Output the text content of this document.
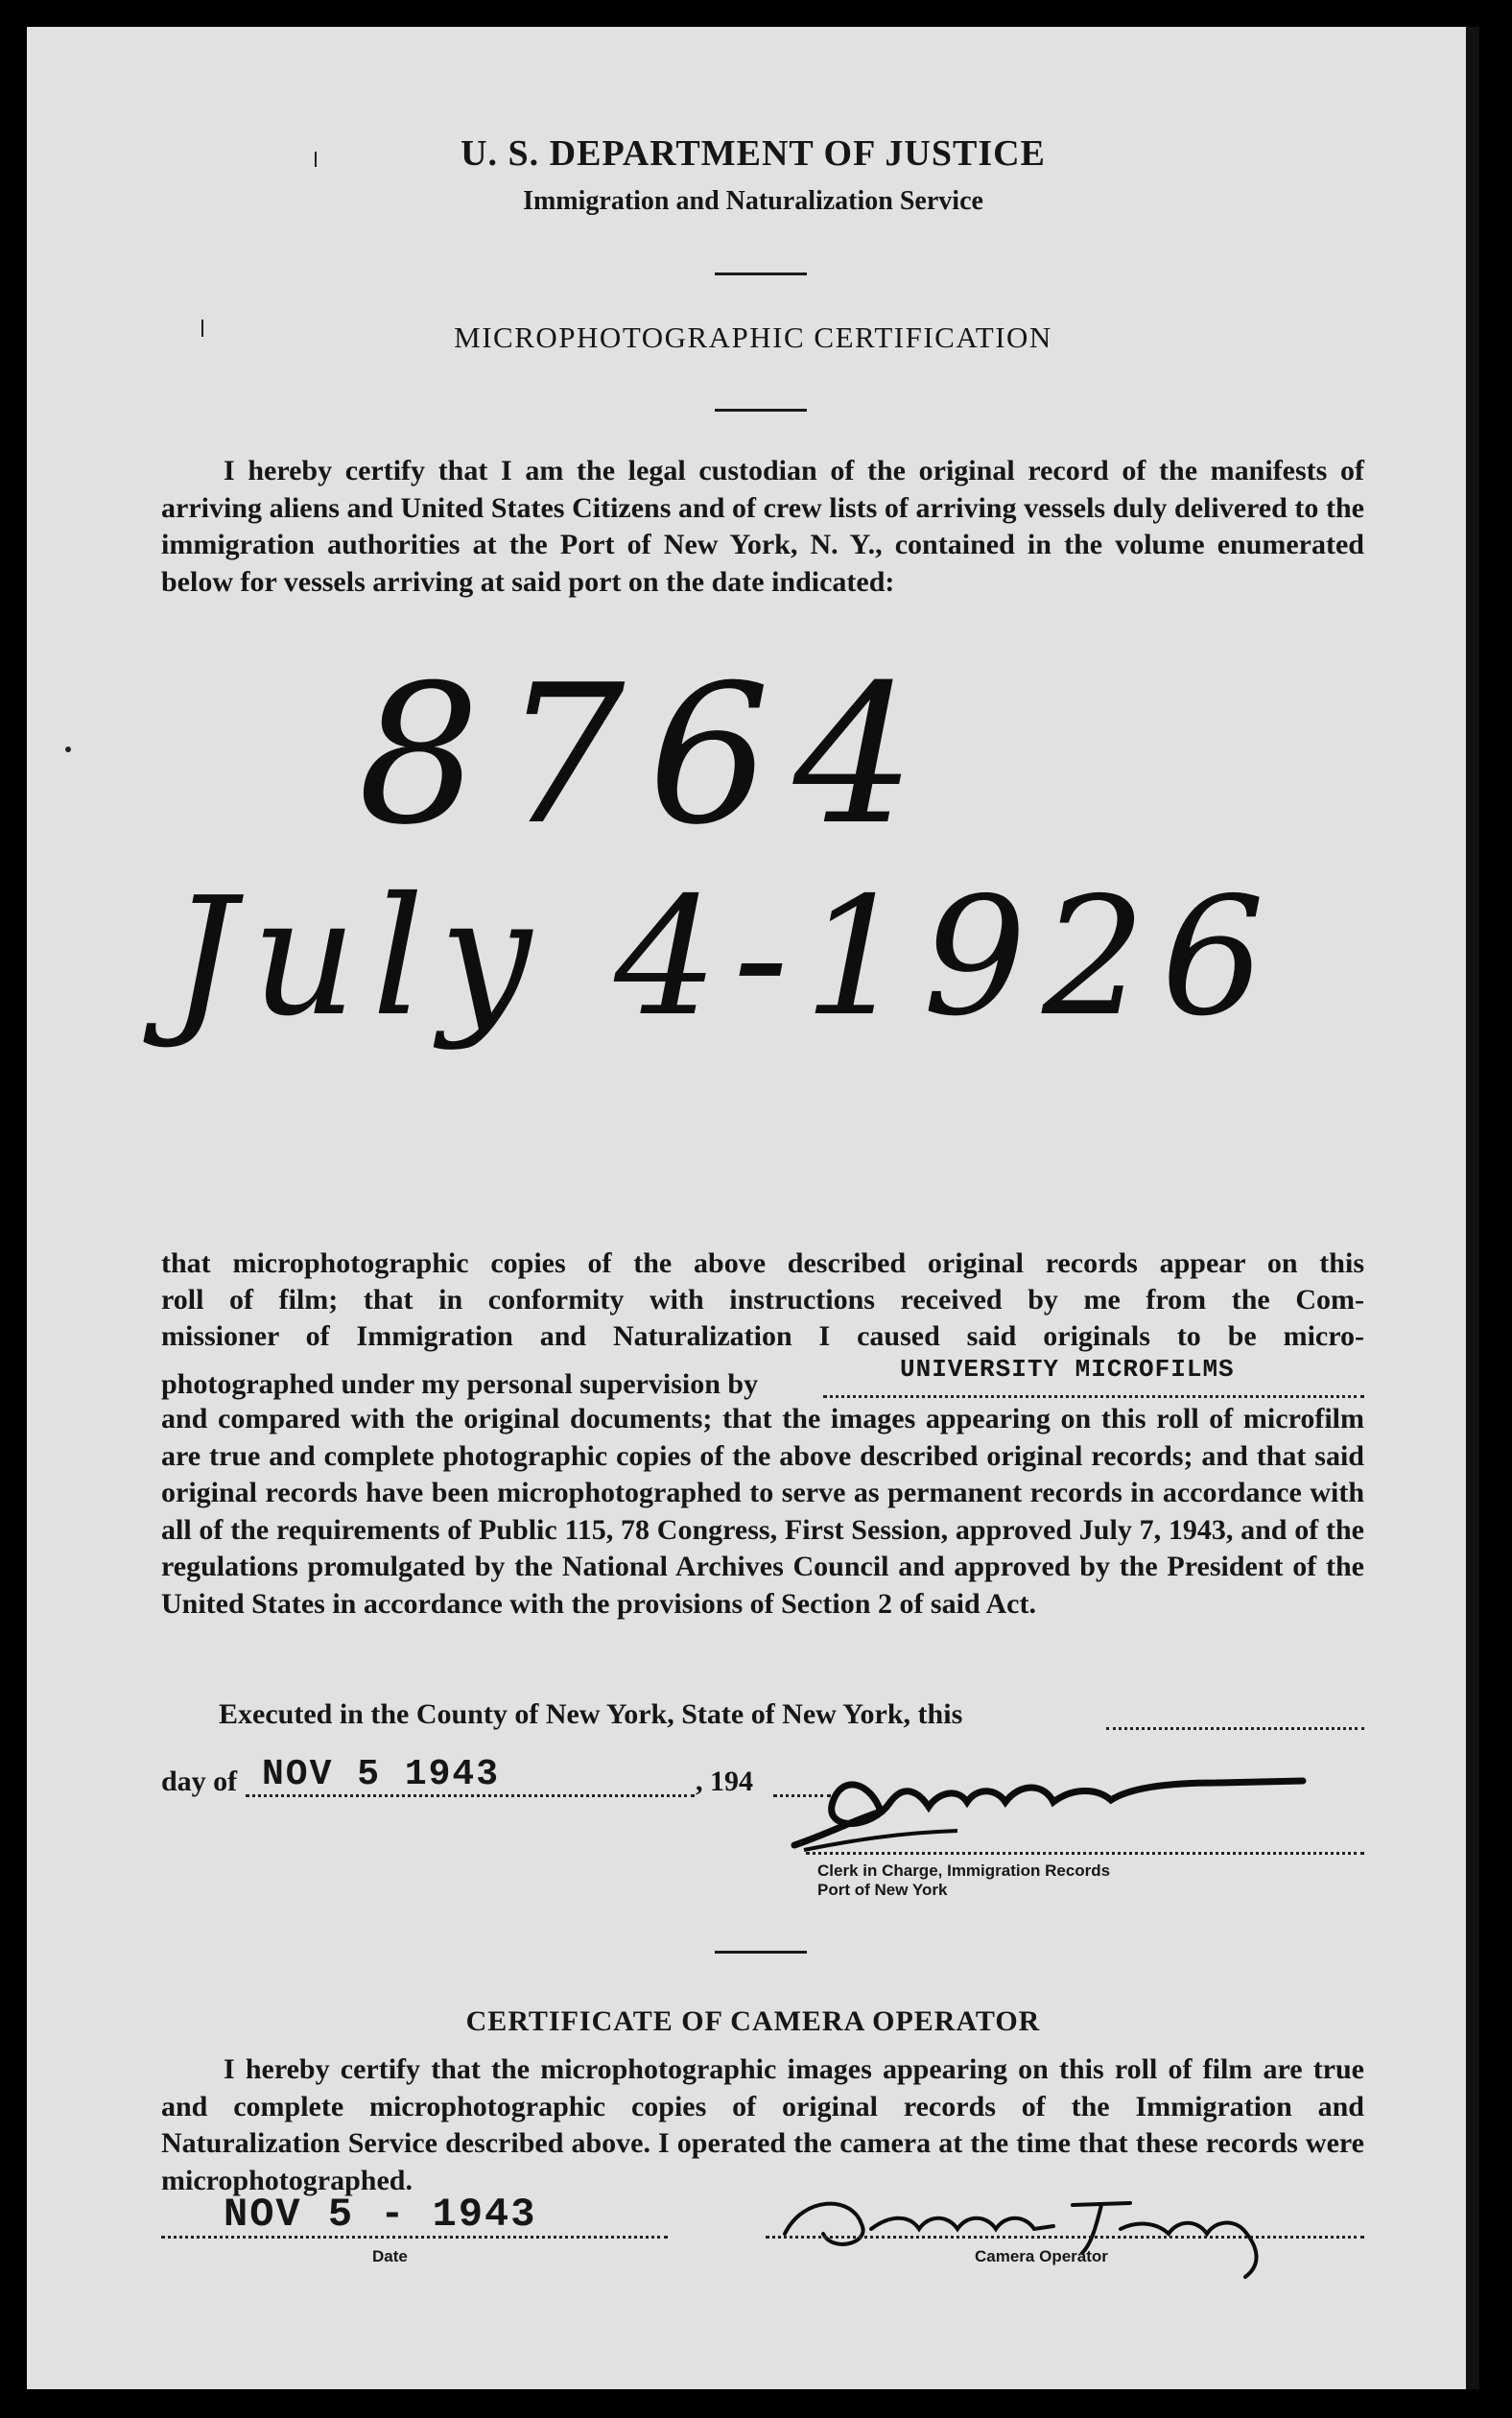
U. S. DEPARTMENT OF JUSTICE
Immigration and Naturalization Service
MICROPHOTOGRAPHIC CERTIFICATION
I hereby certify that I am the legal custodian of the original record of the manifests of arriving aliens and United States Citizens and of crew lists of arriving vessels duly delivered to the immigration authorities at the Port of New York, N. Y., contained in the volume enumerated below for vessels arriving at said port on the date indicated:
8764
July 4-1926
that microphotographic copies of the above described original records appear on this
roll of film; that in conformity with instructions received by me from the Com-
missioner of Immigration and Naturalization I caused said originals to be micro-
photographed under my personal supervision by	UNIVERSITY MICROFILMS
and compared with the original documents; that the images appearing on this roll of microfilm are true and complete photographic copies of the above described original records; and that said original records have been microphotographed to serve as permanent records in accordance with all of the requirements of Public 115, 78 Congress, First Session, approved July 7, 1943, and of the regulations promulgated by the National Archives Council and approved by the President of the United States in accordance with the provisions of Section 2 of said Act.
Executed in the County of New York, State of New York, this
day of NOV 5 1943	, 194
Clerk in Charge, Immigration Records
Port of New York
CERTIFICATE OF CAMERA OPERATOR
I hereby certify that the microphotographic images appearing on this roll of film are true and complete microphotographic copies of original records of the Immigration and Naturalization Service described above. I operated the camera at the time that these records were microphotographed.
NOV 5 - 1943
Date	Camera Operator
